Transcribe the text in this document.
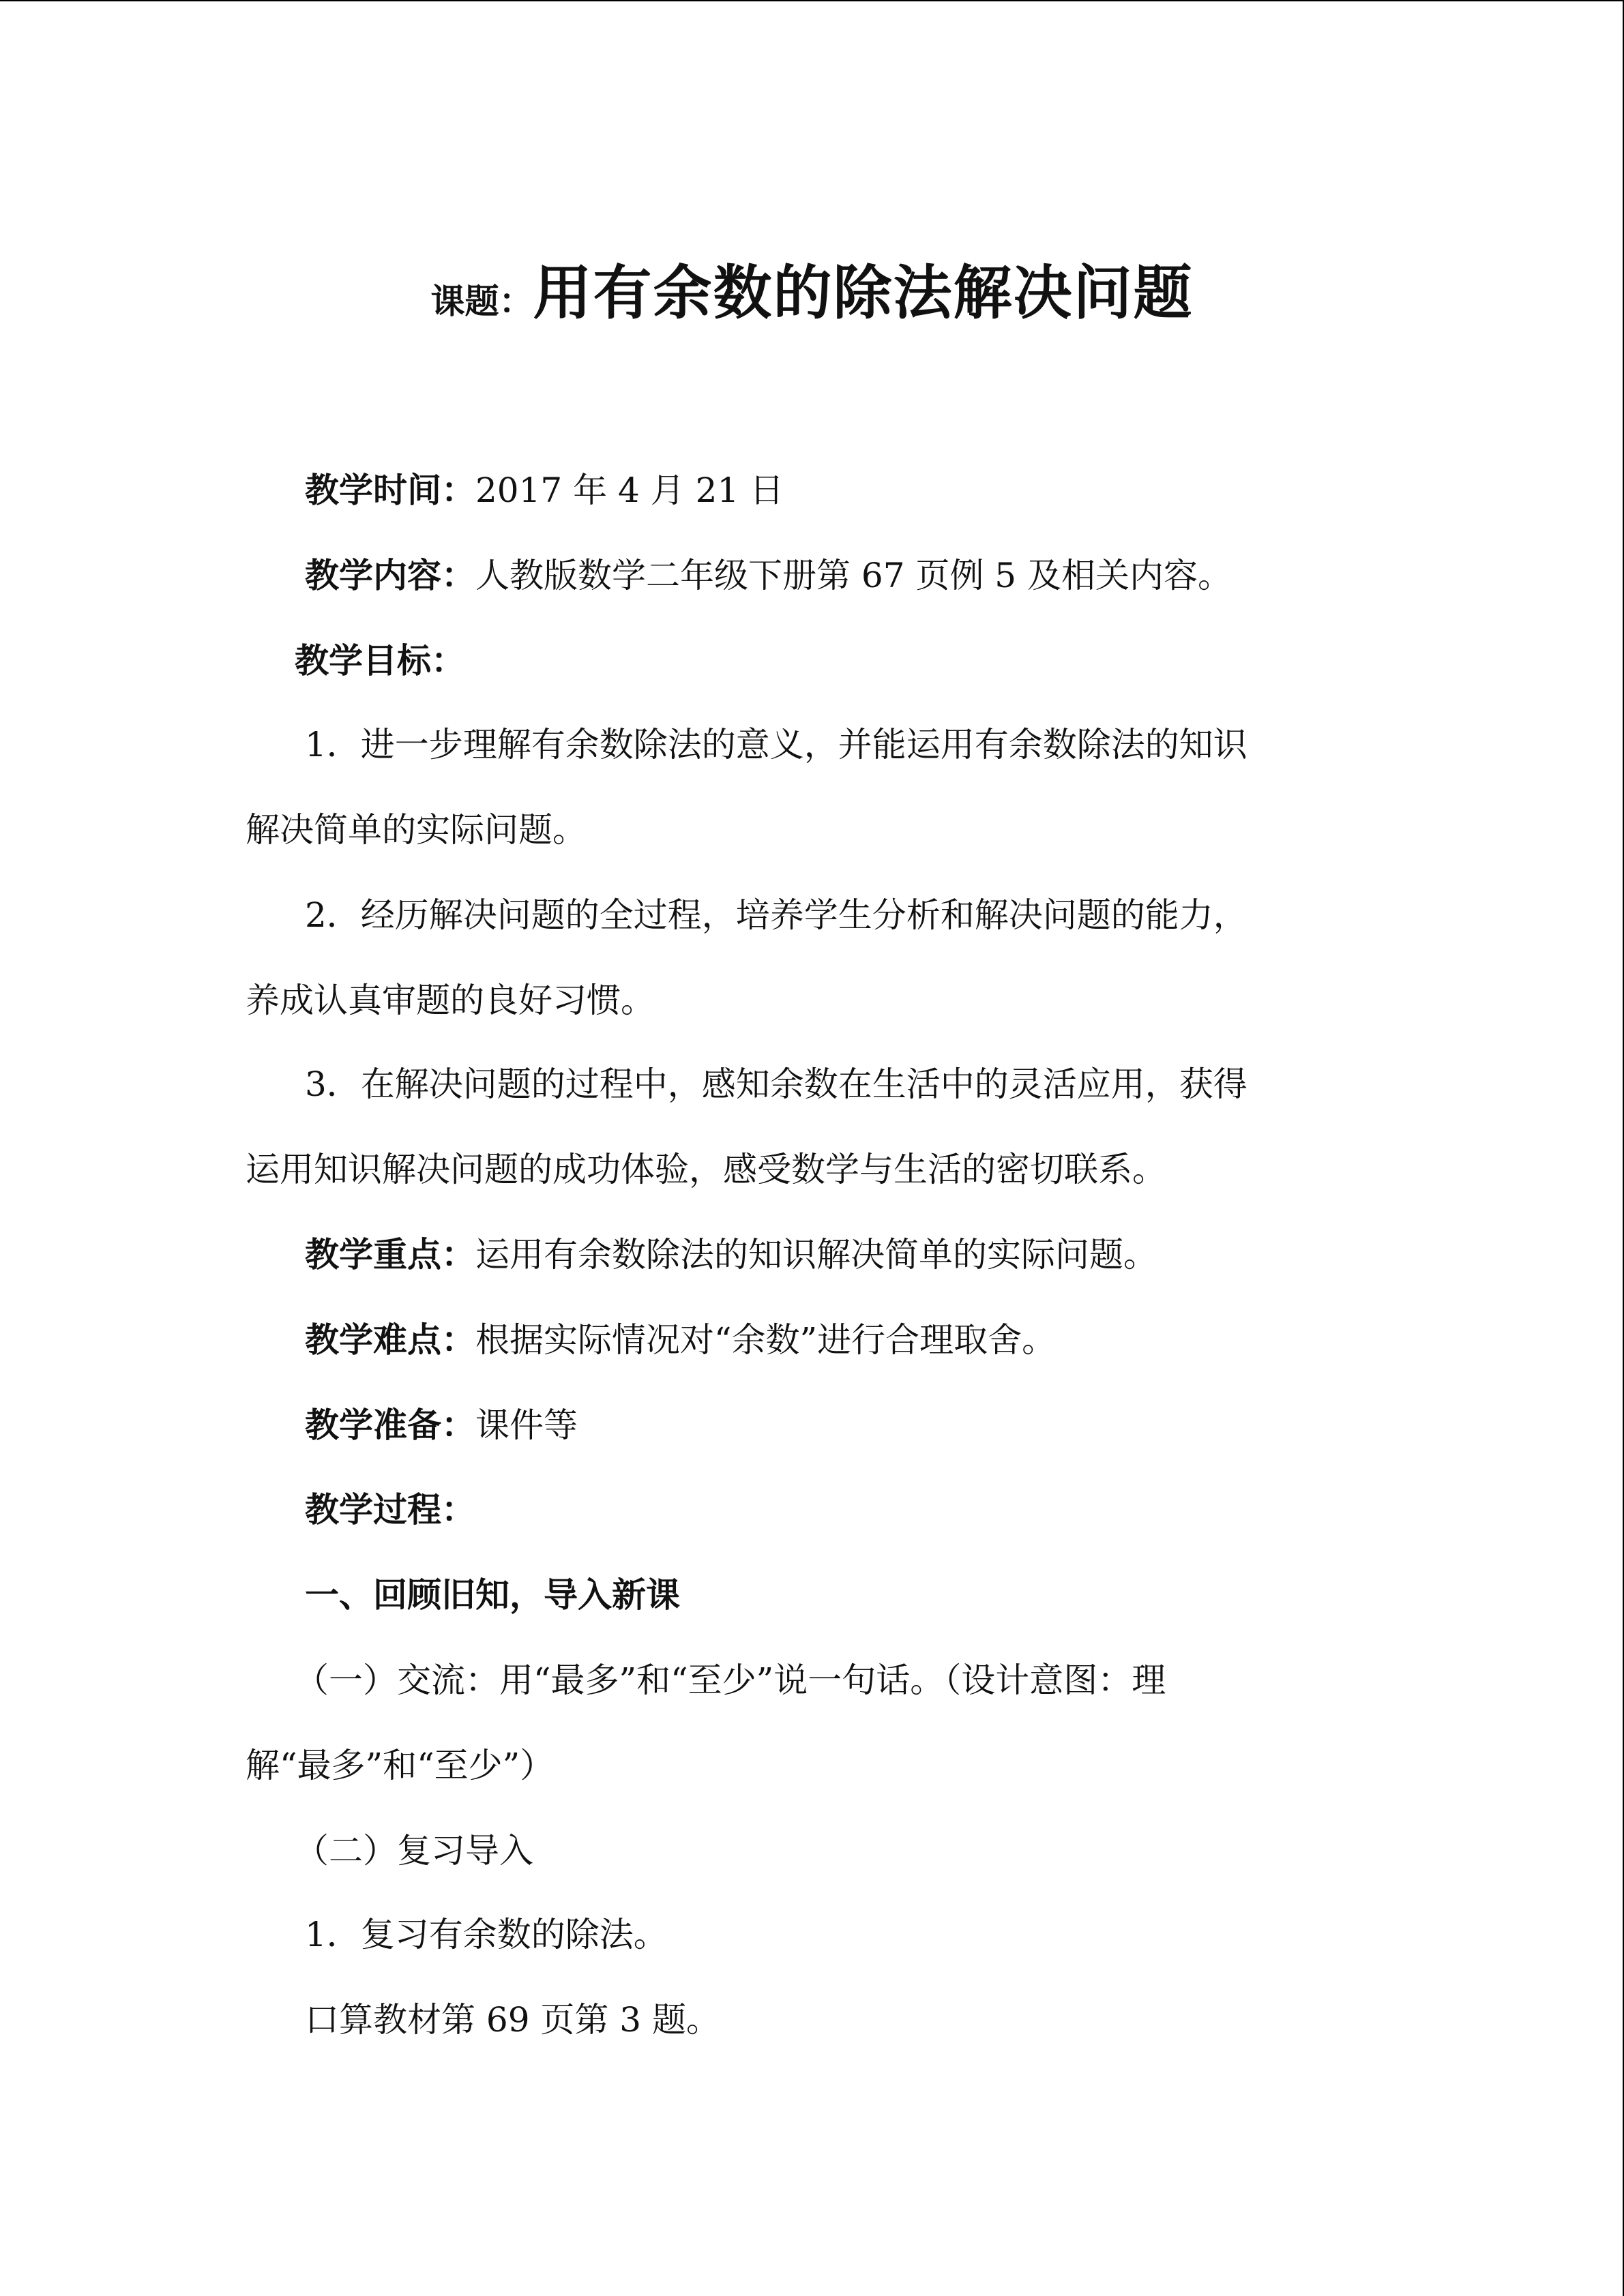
课题：用有余数的除法解决问题
教学时间：2017 年 4 月 21 日
教学内容：人教版数学二年级下册第 67 页例 5 及相关内容。
教学目标：
1．进一步理解有余数除法的意义，并能运用有余数除法的知识
解决简单的实际问题。
2．经历解决问题的全过程，培养学生分析和解决问题的能力，
养成认真审题的良好习惯。
3．在解决问题的过程中，感知余数在生活中的灵活应用，获得
运用知识解决问题的成功体验，感受数学与生活的密切联系。
教学重点：运用有余数除法的知识解决简单的实际问题。
教学难点：根据实际情况对“余数”进行合理取舍。
教学准备：课件等
教学过程：
一、回顾旧知，导入新课
（一）交流：用“最多”和“至少”说一句话。（设计意图：理
解“最多”和“至少”）
（二）复习导入
1．复习有余数的除法。
口算教材第 69 页第 3 题。
